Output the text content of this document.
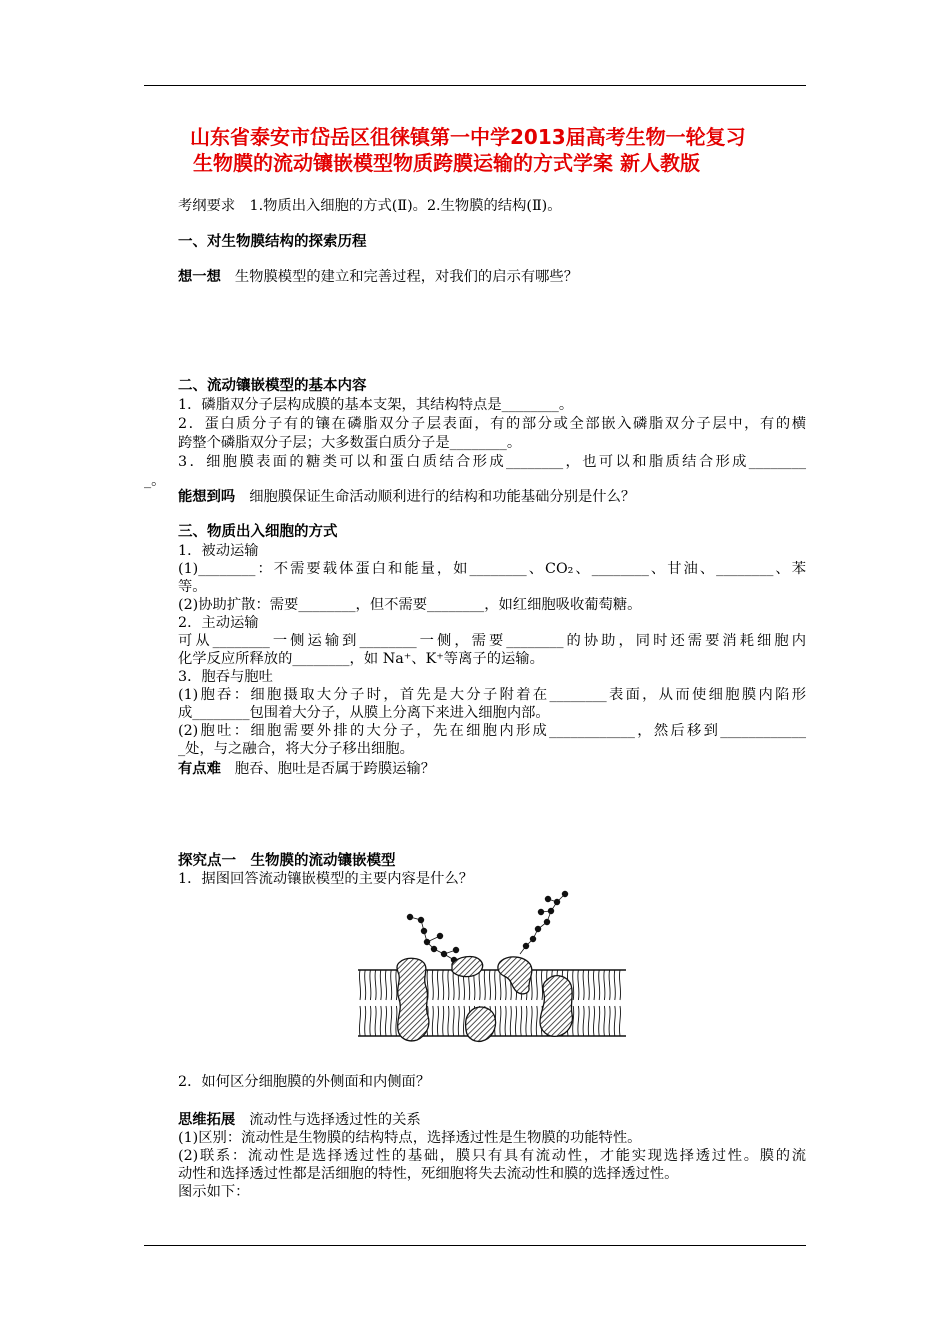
山东省泰安市岱岳区徂徕镇第一中学2013届高考生物一轮复习
生物膜的流动镶嵌模型物质跨膜运输的方式学案 新人教版
考纲要求　1.物质出入细胞的方式(Ⅱ)。2.生物膜的结构(Ⅱ)。
一、对生物膜结构的探索历程
想一想 生物膜模型的建立和完善过程，对我们的启示有哪些？
二、流动镶嵌模型的基本内容
1．磷脂双分子层构成膜的基本支架，其结构特点是________。
2．蛋白质分子有的镶在磷脂双分子层表面，有的部分或全部嵌入磷脂双分子层中，有的横
跨整个磷脂双分子层；大多数蛋白质分子是________。
3．细胞膜表面的糖类可以和蛋白质结合形成________，也可以和脂质结合形成________
_。
能想到吗 细胞膜保证生命活动顺利进行的结构和功能基础分别是什么？
三、物质出入细胞的方式
1．被动运输
(1)________：不需要载体蛋白和能量，如________、CO₂、________、甘油、________、苯
等。
(2)协助扩散：需要________，但不需要________，如红细胞吸收葡萄糖。
2．主动运输
可从________一侧运输到________一侧，需要________的协助，同时还需要消耗细胞内
化学反应所释放的________，如 Na⁺、K⁺等离子的运输。
3．胞吞与胞吐
(1)胞吞：细胞摄取大分子时，首先是大分子附着在________表面，从而使细胞膜内陷形
成________包围着大分子，从膜上分离下来进入细胞内部。
(2)胞吐：细胞需要外排的大分子，先在细胞内形成____________，然后移到____________
_处，与之融合，将大分子移出细胞。
有点难 胞吞、胞吐是否属于跨膜运输？
探究点一　生物膜的流动镶嵌模型
1．据图回答流动镶嵌模型的主要内容是什么？
2．如何区分细胞膜的外侧面和内侧面？
思维拓展 流动性与选择透过性的关系
(1)区别：流动性是生物膜的结构特点，选择透过性是生物膜的功能特性。
(2)联系：流动性是选择透过性的基础，膜只有具有流动性，才能实现选择透过性。膜的流
动性和选择透过性都是活细胞的特性，死细胞将失去流动性和膜的选择透过性。
图示如下：
